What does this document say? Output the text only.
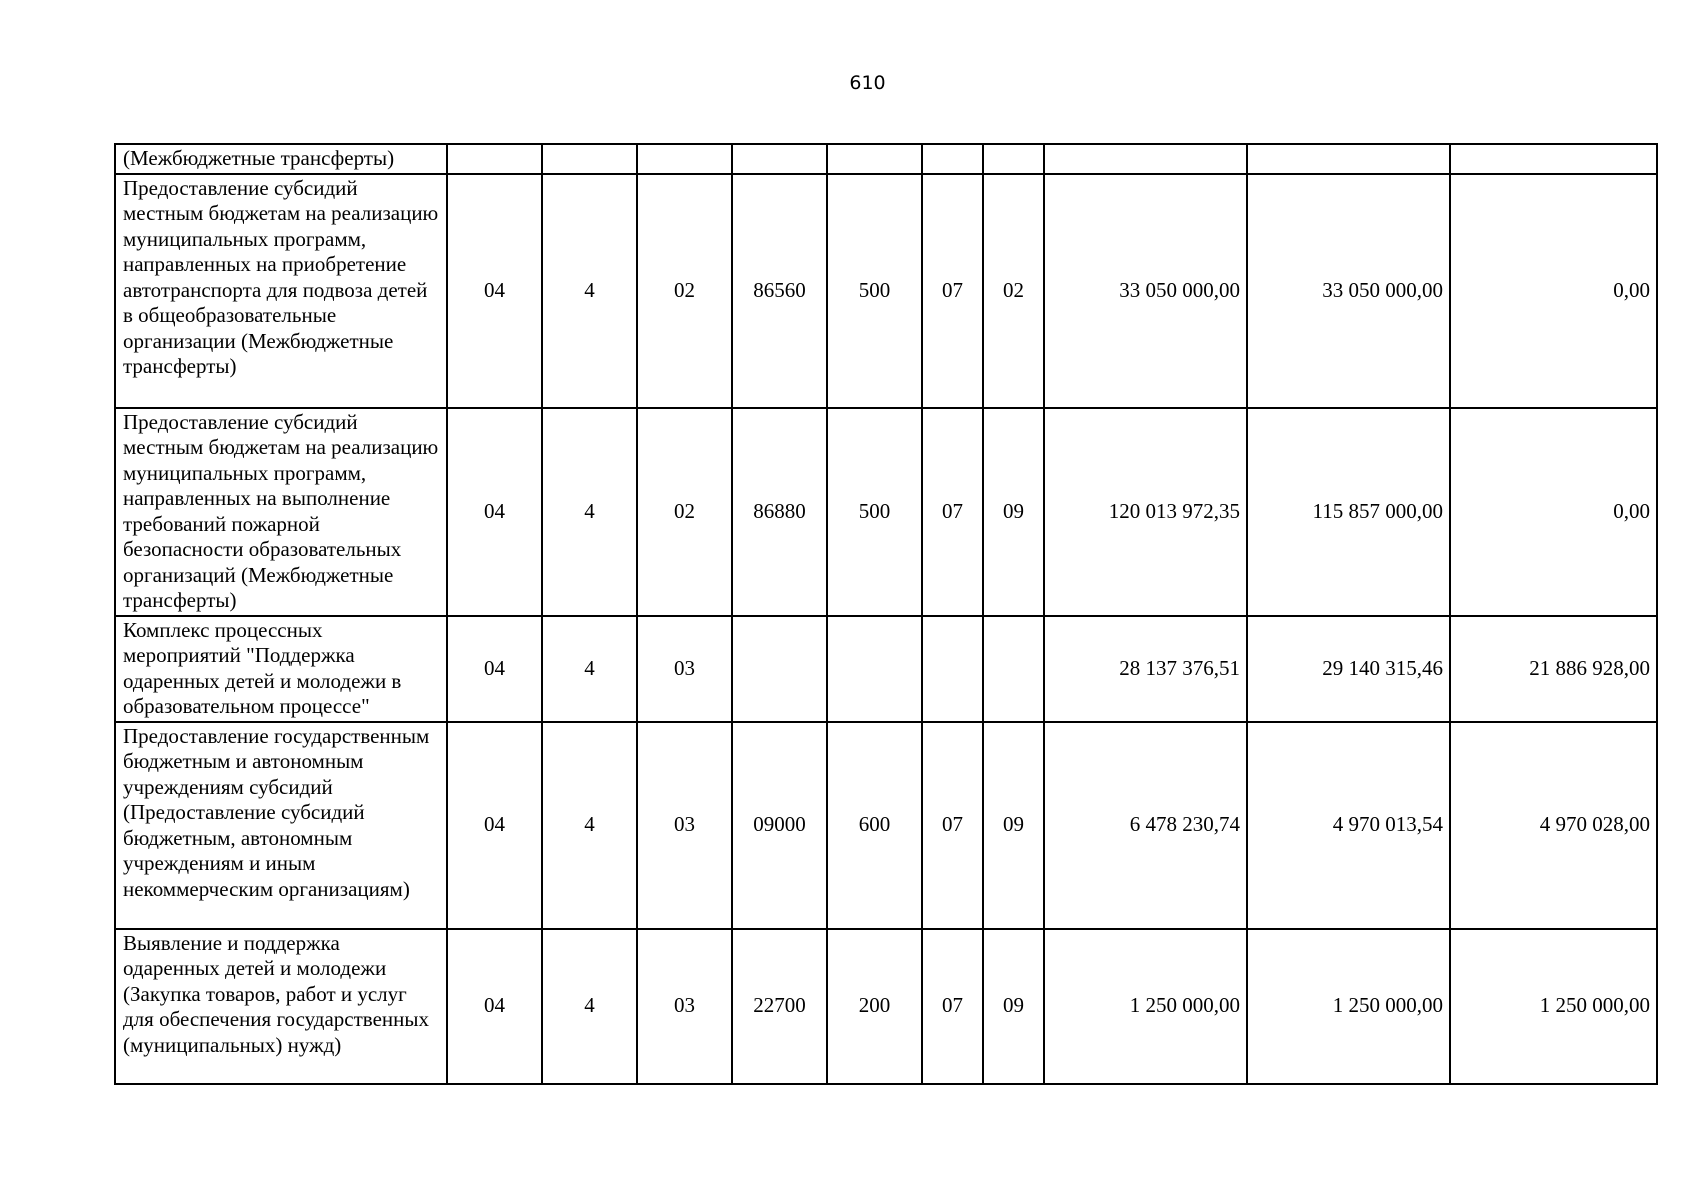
610
(Межбюджетные трансферты)										
Предоставление субсидий местным бюджетам на реализацию муниципальных программ, направленных на приобретение автотранспорта для подвоза детей в общеобразовательные организации (Межбюджетные трансферты)	04	4	02	86560	500	07	02	33 050 000,00	33 050 000,00	0,00
Предоставление субсидий местным бюджетам на реализацию муниципальных программ, направленных на выполнение требований пожарной безопасности образовательных организаций (Межбюджетные трансферты)	04	4	02	86880	500	07	09	120 013 972,35	115 857 000,00	0,00
Комплекс процессных мероприятий "Поддержка одаренных детей и молодежи в образовательном процессе"	04	4	03					28 137 376,51	29 140 315,46	21 886 928,00
Предоставление государственным бюджетным и автономным учреждениям субсидий (Предоставление субсидий бюджетным, автономным учреждениям и иным некоммерческим организациям)	04	4	03	09000	600	07	09	6 478 230,74	4 970 013,54	4 970 028,00
Выявление и поддержка одаренных детей и молодежи (Закупка товаров, работ и услуг для обеспечения государственных (муниципальных) нужд)	04	4	03	22700	200	07	09	1 250 000,00	1 250 000,00	1 250 000,00
